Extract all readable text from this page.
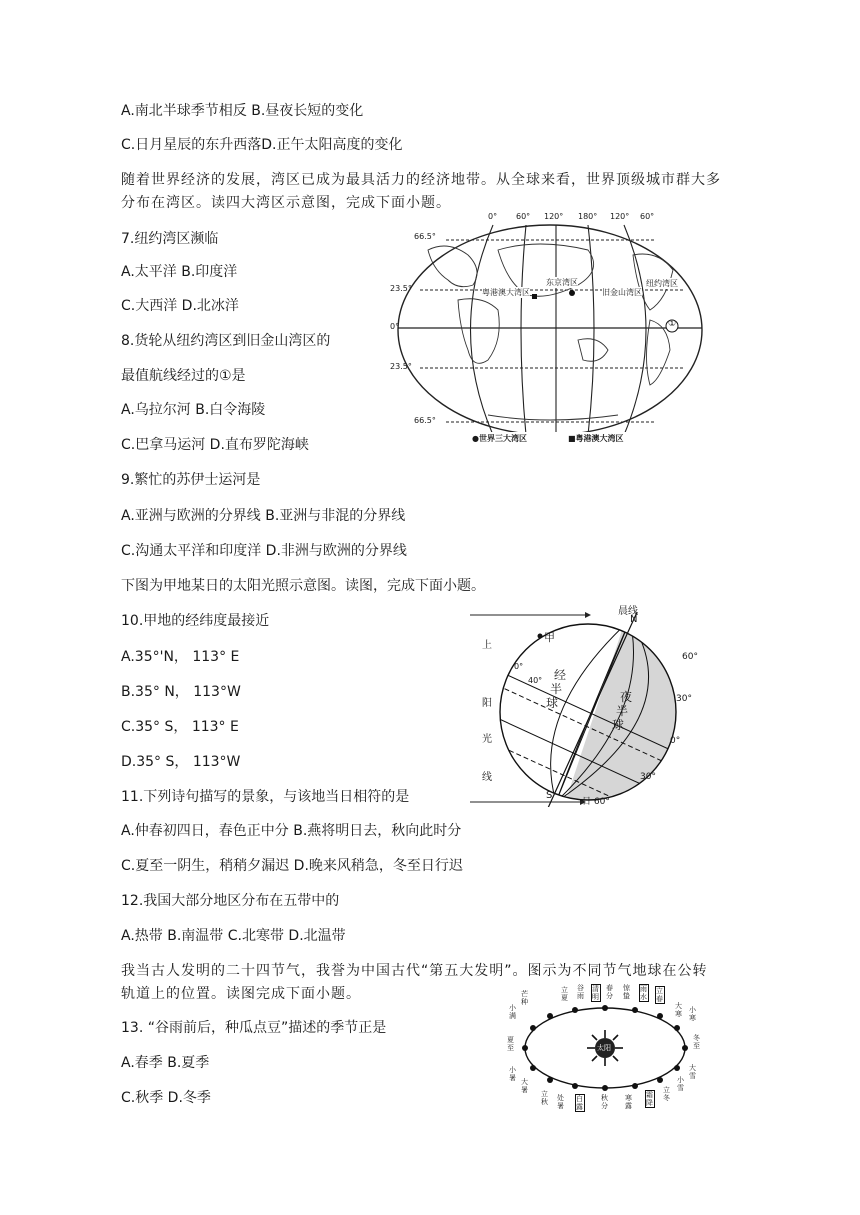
A.南北半球季节相反 B.昼夜长短的变化
C.日月星辰的东升西落D.正午太阳高度的变化
随着世界经济的发展，湾区已成为最具活力的经济地带。从全球来看，世界顶级城市群大多分布在湾区。读四大湾区示意图，完成下面小题。
7.纽约湾区濒临
A.太平洋 B.印度洋
C.大西洋 D.北冰洋
8.货轮从纽约湾区到旧金山湾区的
最值航线经过的①是
A.乌拉尔河 B.白令海陵
C.巴拿马运河 D.直布罗陀海峡
9.繁忙的苏伊士运河是
A.亚洲与欧洲的分界线 B.亚洲与非混的分界线
C.沟通太平洋和印度洋 D.非洲与欧洲的分界线
下图为甲地某日的太阳光照示意图。读图，完成下面小题。
10.甲地的经纬度最接近
A.35°'N， 113° E
B.35° N， 113°W
C.35° S， 113° E
D.35° S， 113°W
11.下列诗句描写的景象，与该地当日相符的是
A.仲春初四日，春色正中分 B.燕将明日去，秋向此时分
C.夏至一阴生，稍稍夕漏迟 D.晚来风稍急，冬至日行迟
12.我国大部分地区分布在五带中的
A.热带 B.南温带 C.北寒带 D.北温带
我当古人发明的二十四节气，我誉为中国古代“第五大发明”。图示为不同节气地球在公转轨道上的位置。读图完成下面小题。
13. “谷雨前后，种瓜点豆”描述的季节正是
A.春季 B.夏季
C.秋季 D.冬季
0° 60° 120° 180° 120° 60°
66.5°
23.5°
0°
23.5°
66.5°
粤港澳大湾区
东京湾区
旧金山湾区
纽约湾区
①
●世界三大湾区	■粤港澳大湾区
晨线
N
甲
上
阳
光
线
60°
30°
0°
30°
S
日 60°
经
半
球	夜
半
球
0°
40°
太阳
立夏
谷雨
清明
春分
惊蛰
雨水
立春
小满
芒种
夏至
小暑 大暑
大寒 小寒
冬至
大雪
小雪
立秋 处暑
白露
秋分
寒露
霜降
立冬
